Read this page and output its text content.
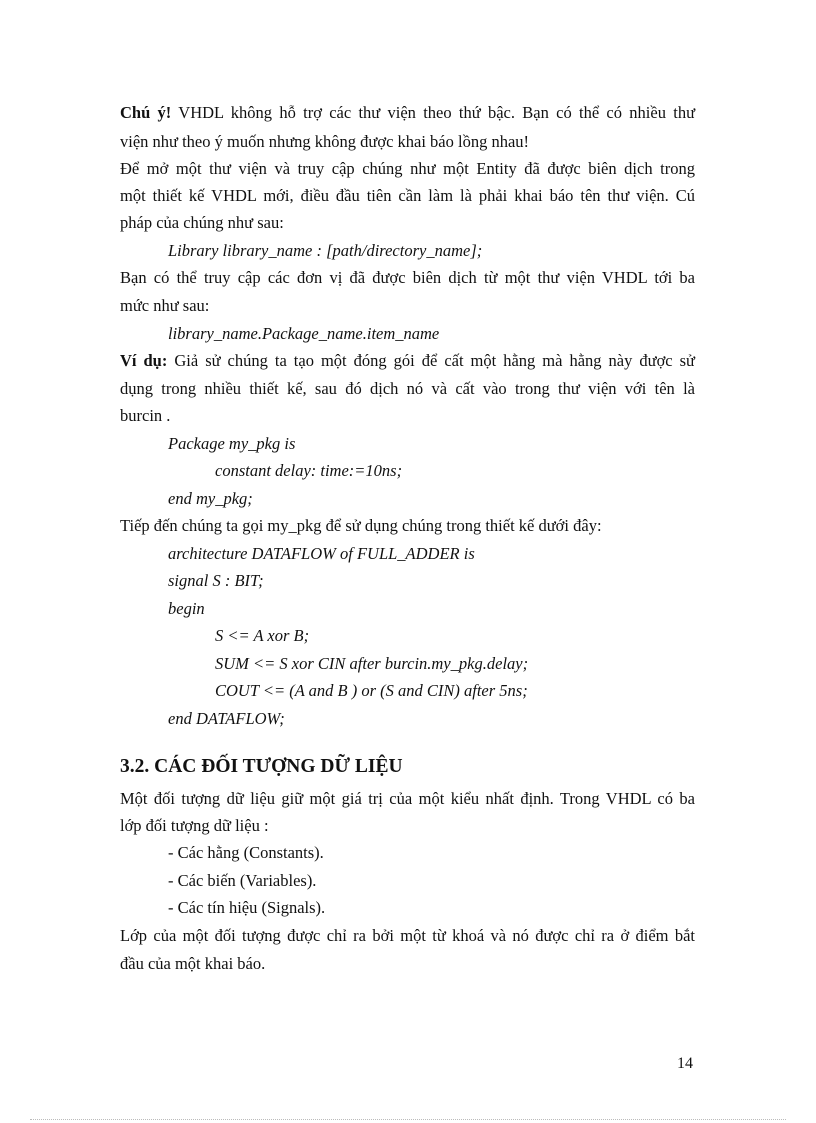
Chú ý! VHDL không hỗ trợ các thư viện theo thứ bậc. Bạn có thể có nhiều thư
viện như theo ý muốn nhưng không được khai báo lồng nhau!
Để mở một thư viện và truy cập chúng như một Entity đã được biên dịch trong
một thiết kế VHDL mới, điều đầu tiên cần làm là phải khai báo tên thư viện. Cú
pháp của chúng như sau:
Library library_name : [path/directory_name];
Bạn có thể truy cập các đơn vị đã được biên dịch từ một thư viện VHDL tới ba
mức như sau:
library_name.Package_name.item_name
Ví dụ: Giả sử chúng ta tạo một đóng gói để cất một hằng mà hằng này được sử
dụng trong nhiều thiết kế, sau đó dịch nó và cất vào trong thư viện với tên là
burcin .
Package my_pkg is
constant delay: time:=10ns;
end my_pkg;
Tiếp đến chúng ta gọi my_pkg để sử dụng chúng trong thiết kế dưới đây:
architecture DATAFLOW of FULL_ADDER is
signal S : BIT;
begin
S <= A xor B;
SUM <= S xor CIN after burcin.my_pkg.delay;
COUT <= (A and B ) or (S and CIN) after 5ns;
end DATAFLOW;
3.2. CÁC ĐỐI TƯỢNG DỮ LIỆU
Một đối tượng dữ liệu giữ một giá trị của một kiểu nhất định. Trong VHDL có ba
lớp đối tượng dữ liệu :
- Các hằng (Constants).
- Các biến (Variables).
- Các tín hiệu (Signals).
Lớp của một đối tượng được chỉ ra bởi một từ khoá và nó được chỉ ra ở điểm bắt
đầu của một khai báo.
14
